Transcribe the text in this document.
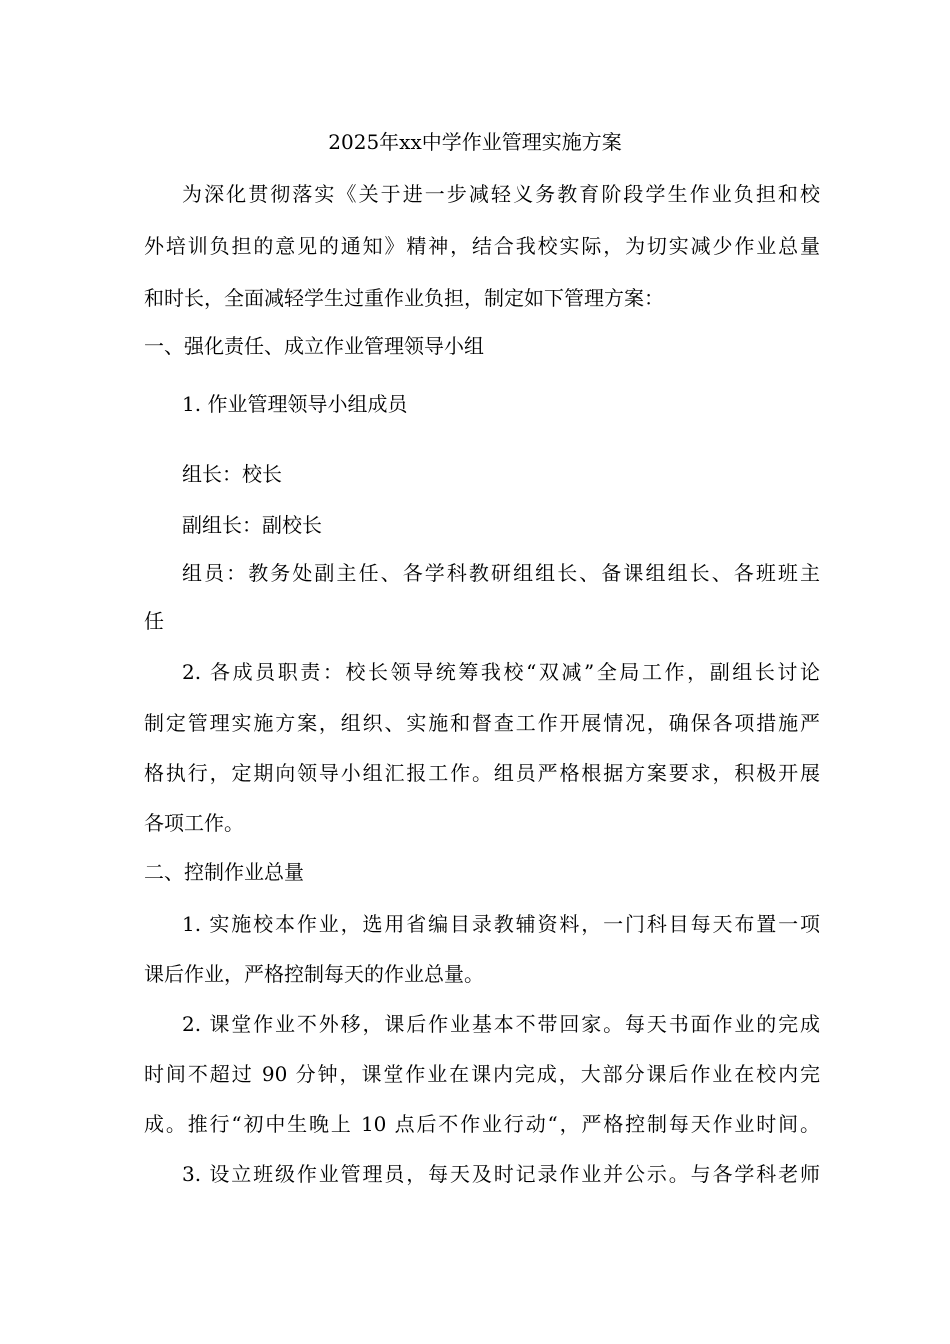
2025年xx中学作业管理实施方案
为深化贯彻落实《关于进一步减轻义务教育阶段学生作业负担和校
外培训负担的意见的通知》精神，结合我校实际，为切实减少作业总量
和时长，全面减轻学生过重作业负担，制定如下管理方案：
一、强化责任、成立作业管理领导小组
1. 作业管理领导小组成员
组长：校长
副组长：副校长
组员：教务处副主任、各学科教研组组长、备课组组长、各班班主
任
2. 各成员职责：校长领导统筹我校“双减”全局工作，副组长讨论
制定管理实施方案，组织、实施和督查工作开展情况，确保各项措施严
格执行，定期向领导小组汇报工作。组员严格根据方案要求，积极开展
各项工作。
二、控制作业总量
1. 实施校本作业，选用省编目录教辅资料，一门科目每天布置一项
课后作业，严格控制每天的作业总量。
2. 课堂作业不外移，课后作业基本不带回家。每天书面作业的完成
时间不超过 90 分钟，课堂作业在课内完成，大部分课后作业在校内完
成。推行“初中生晚上 10 点后不作业行动“，严格控制每天作业时间。
3. 设立班级作业管理员，每天及时记录作业并公示。与各学科老师
